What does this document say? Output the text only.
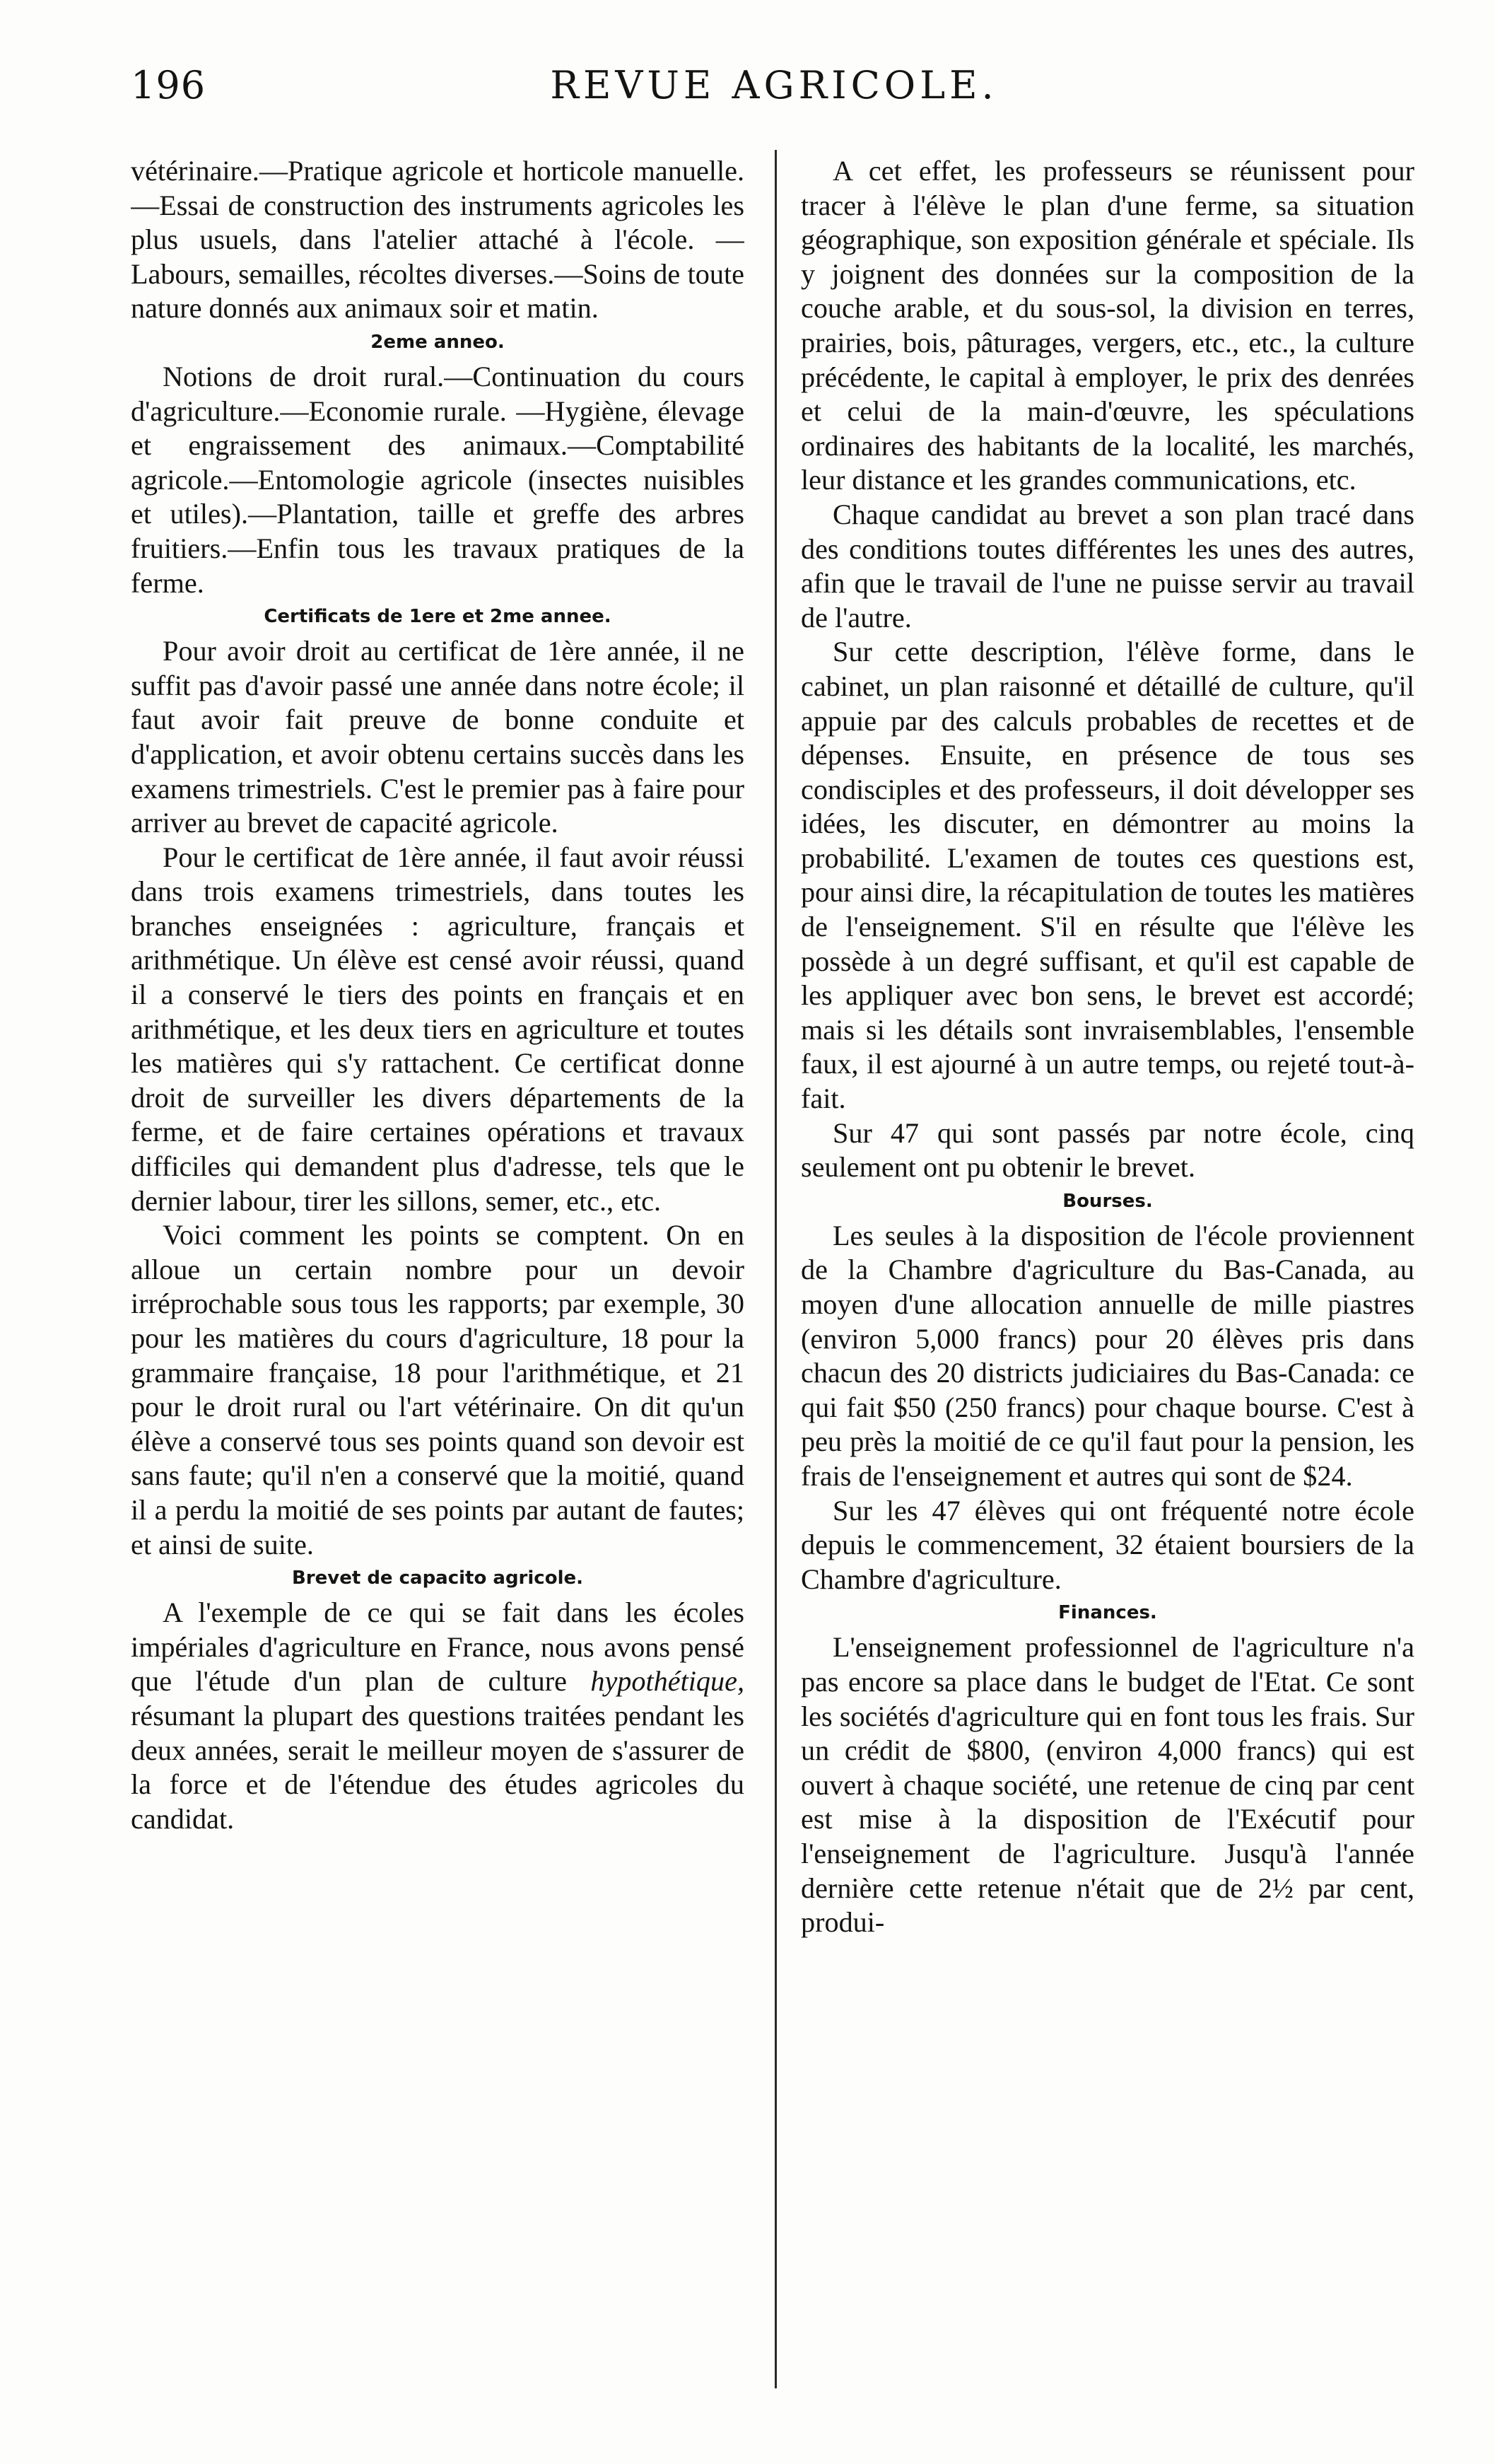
196	REVUE AGRICOLE.

vétérinaire.—Pratique agricole et horticole manuelle.—Essai de construction des instruments agricoles les plus usuels, dans l'atelier attaché à l'école. — Labours, semailles, récoltes diverses.—Soins de toute nature donnés aux animaux soir et matin.

2eme anneo.

Notions de droit rural.—Continuation du cours d'agriculture.—Economie rurale. —Hygiène, élevage et engraissement des animaux.—Comptabilité agricole.—Entomologie agricole (insectes nuisibles et utiles).—Plantation, taille et greffe des arbres fruitiers.—Enfin tous les travaux pratiques de la ferme.

Certificats de 1ere et 2me annee.

Pour avoir droit au certificat de 1ère année, il ne suffit pas d'avoir passé une année dans notre école; il faut avoir fait preuve de bonne conduite et d'application, et avoir obtenu certains succès dans les examens trimestriels. C'est le premier pas à faire pour arriver au brevet de capacité agricole.

Pour le certificat de 1ère année, il faut avoir réussi dans trois examens trimestriels, dans toutes les branches enseignées : agriculture, français et arithmétique. Un élève est censé avoir réussi, quand il a conservé le tiers des points en français et en arithmétique, et les deux tiers en agriculture et toutes les matières qui s'y rattachent. Ce certificat donne droit de surveiller les divers départements de la ferme, et de faire certaines opérations et travaux difficiles qui demandent plus d'adresse, tels que le dernier labour, tirer les sillons, semer, etc., etc.

Voici comment les points se comptent. On en alloue un certain nombre pour un devoir irréprochable sous tous les rapports; par exemple, 30 pour les matières du cours d'agriculture, 18 pour la grammaire française, 18 pour l'arithmétique, et 21 pour le droit rural ou l'art vétérinaire. On dit qu'un élève a conservé tous ses points quand son devoir est sans faute; qu'il n'en a conservé que la moitié, quand il a perdu la moitié de ses points par autant de fautes; et ainsi de suite.

Brevet de capacito agricole.

A l'exemple de ce qui se fait dans les écoles impériales d'agriculture en France, nous avons pensé que l'étude d'un plan de culture hypothétique, résumant la plupart des questions traitées pendant les deux années, serait le meilleur moyen de s'assurer de la force et de l'étendue des études agricoles du candidat.

A cet effet, les professeurs se réunissent pour tracer à l'élève le plan d'une ferme, sa situation géographique, son exposition générale et spéciale. Ils y joignent des données sur la composition de la couche arable, et du sous-sol, la division en terres, prairies, bois, pâturages, vergers, etc., etc., la culture précédente, le capital à employer, le prix des denrées et celui de la main-d'œuvre, les spéculations ordinaires des habitants de la localité, les marchés, leur distance et les grandes communications, etc.

Chaque candidat au brevet a son plan tracé dans des conditions toutes différentes les unes des autres, afin que le travail de l'une ne puisse servir au travail de l'autre.

Sur cette description, l'élève forme, dans le cabinet, un plan raisonné et détaillé de culture, qu'il appuie par des calculs probables de recettes et de dépenses. Ensuite, en présence de tous ses condisciples et des professeurs, il doit développer ses idées, les discuter, en démontrer au moins la probabilité. L'examen de toutes ces questions est, pour ainsi dire, la récapitulation de toutes les matières de l'enseignement. S'il en résulte que l'élève les possède à un degré suffisant, et qu'il est capable de les appliquer avec bon sens, le brevet est accordé; mais si les détails sont invraisemblables, l'ensemble faux, il est ajourné à un autre temps, ou rejeté tout-à-fait.

Sur 47 qui sont passés par notre école, cinq seulement ont pu obtenir le brevet.

Bourses.

Les seules à la disposition de l'école proviennent de la Chambre d'agriculture du Bas-Canada, au moyen d'une allocation annuelle de mille piastres (environ 5,000 francs) pour 20 élèves pris dans chacun des 20 districts judiciaires du Bas-Canada: ce qui fait $50 (250 francs) pour chaque bourse. C'est à peu près la moitié de ce qu'il faut pour la pension, les frais de l'enseignement et autres qui sont de $24.

Sur les 47 élèves qui ont fréquenté notre école depuis le commencement, 32 étaient boursiers de la Chambre d'agriculture.

Finances.

L'enseignement professionnel de l'agriculture n'a pas encore sa place dans le budget de l'Etat. Ce sont les sociétés d'agriculture qui en font tous les frais. Sur un crédit de $800, (environ 4,000 francs) qui est ouvert à chaque société, une retenue de cinq par cent est mise à la disposition de l'Exécutif pour l'enseignement de l'agriculture. Jusqu'à l'année dernière cette retenue n'était que de 2½ par cent, produi-
